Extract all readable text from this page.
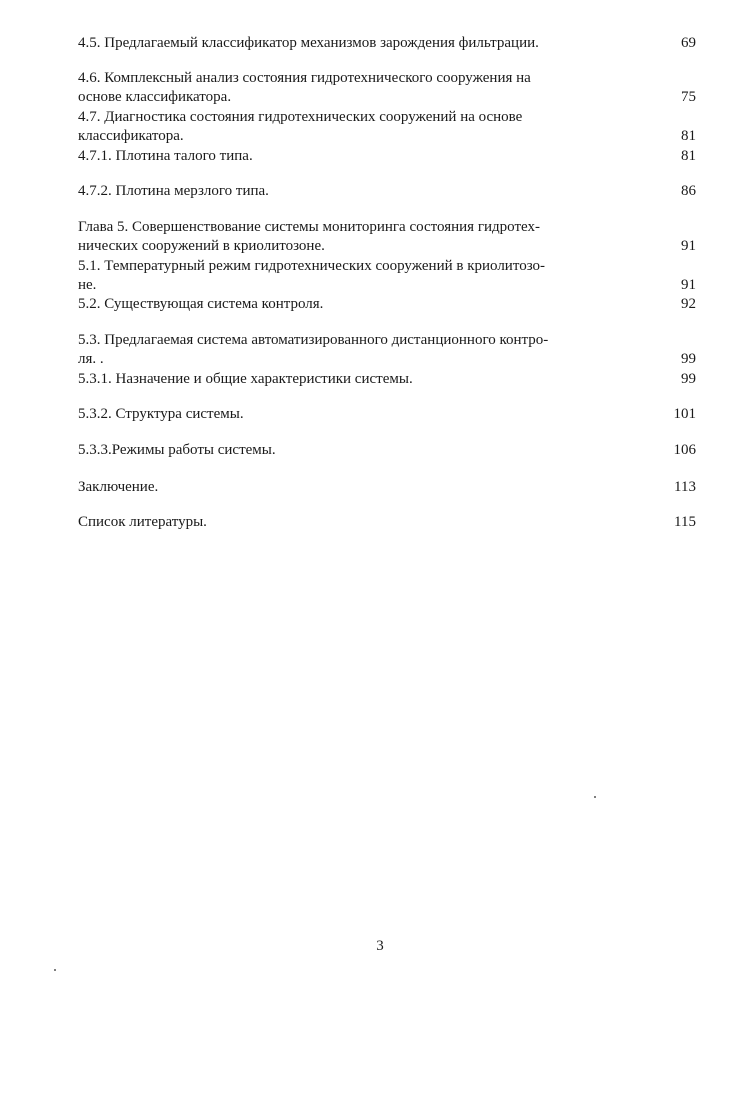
4.5. Предлагаемый классификатор механизмов зарождения фильтрации.
4.6. Комплексный анализ состояния гидротехнического сооружения на
основе классификатора.
4.7. Диагностика состояния гидротехнических сооружений на основе
классификатора.
4.7.1. Плотина талого типа.
4.7.2. Плотина мерзлого типа.
Глава 5. Совершенствование системы мониторинга состояния гидротех-
нических сооружений в криолитозоне.
5.1. Температурный режим гидротехнических сооружений в криолитозо-
не.
5.2. Существующая система контроля.
5.3. Предлагаемая система автоматизированного дистанционного контро-
ля. .
5.3.1. Назначение и общие характеристики системы.
5.3.2. Структура системы.
5.3.3.Режимы работы системы.
Заключение.
Список литературы.
69
75
81
81
86
91
91
92
99
99
101
106
113
115
3
